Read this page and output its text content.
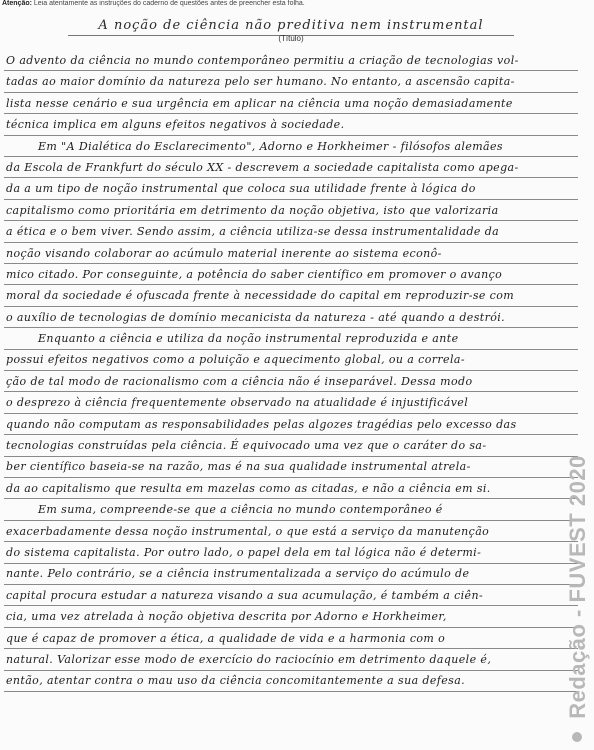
Atenção: Leia atentamente as instruções do caderno de questões antes de preencher esta folha.
A noção de ciência não preditiva nem instrumental
(Título)
O advento da ciência no mundo contemporâneo permitiu a criação de tecnologias vol-
tadas ao maior domínio da natureza pelo ser humano. No entanto, a ascensão capita-
lista nesse cenário e sua urgência em aplicar na ciência uma noção demasiadamente
técnica implica em alguns efeitos negativos à sociedade.
Em "A Dialética do Esclarecimento", Adorno e Horkheimer - filósofos alemães
da Escola de Frankfurt do século XX - descrevem a sociedade capitalista como apega-
da a um tipo de noção instrumental que coloca sua utilidade frente à lógica do
capitalismo como prioritária em detrimento da noção objetiva, isto que valorizaria
a ética e o bem viver. Sendo assim, a ciência utiliza-se dessa instrumentalidade da
noção visando colaborar ao acúmulo material inerente ao sistema econô-
mico citado. Por conseguinte, a potência do saber científico em promover o avanço
moral da sociedade é ofuscada frente à necessidade do capital em reproduzir-se com
o auxílio de tecnologias de domínio mecanicista da natureza - até quando a destrói.
Enquanto a ciência e utiliza da noção instrumental reproduzida e ante
possui efeitos negativos como a poluição e aquecimento global, ou a correla-
ção de tal modo de racionalismo com a ciência não é inseparável. Dessa modo
o desprezo à ciência frequentemente observado na atualidade é injustificável
quando não computam as responsabilidades pelas algozes tragédias pelo excesso das
tecnologias construídas pela ciência. É equivocado uma vez que o caráter do sa-
ber científico baseia-se na razão, mas é na sua qualidade instrumental atrela-
da ao capitalismo que resulta em mazelas como as citadas, e não a ciência em si.
Em suma, compreende-se que a ciência no mundo contemporâneo é
exacerbadamente dessa noção instrumental, o que está a serviço da manutenção
do sistema capitalista. Por outro lado, o papel dela em tal lógica não é determi-
nante. Pelo contrário, se a ciência instrumentalizada a serviço do acúmulo de
capital procura estudar a natureza visando a sua acumulação, é também a ciên-
cia, uma vez atrelada à noção objetiva descrita por Adorno e Horkheimer,
que é capaz de promover a ética, a qualidade de vida e a harmonia com o
natural. Valorizar esse modo de exercício do raciocínio em detrimento daquele é,
então, atentar contra o mau uso da ciência concomitantemente a sua defesa.	Redação - FUVEST 2020
